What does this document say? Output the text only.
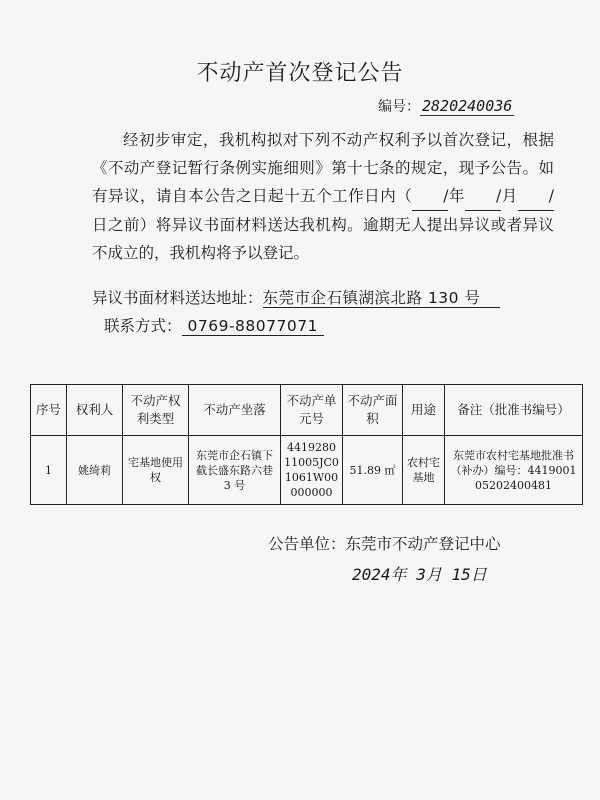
不动产首次登记公告
编号： 2820240036

经初步审定，我机构拟对下列不动产权利予以首次登记，根据《不动产登记暂行条例实施细则》第十七条的规定，现予公告。如有异议，请自本公告之日起十五个工作日内（ /年 /月 /日之前）将异议书面材料送达我机构。逾期无人提出异议或者异议不成立的，我机构将予以登记。

异议书面材料送达地址：东莞市企石镇湖滨北路 130 号
联系方式： 0769-88077071
序号	权利人	不动产权利类型	不动产坐落	不动产单元号	不动产面积	用途	备注（批准书编号）
1	姚绮莉	宅基地使用权	东莞市企石镇下截长盛东路六巷 3 号	441928011005JC01061W00000000	51.89 ㎡	农村宅基地	东莞市农村宅基地批准书（补办）编号：441900105202400481
公告单位：东莞市不动产登记中心
2024年 3月 15日
